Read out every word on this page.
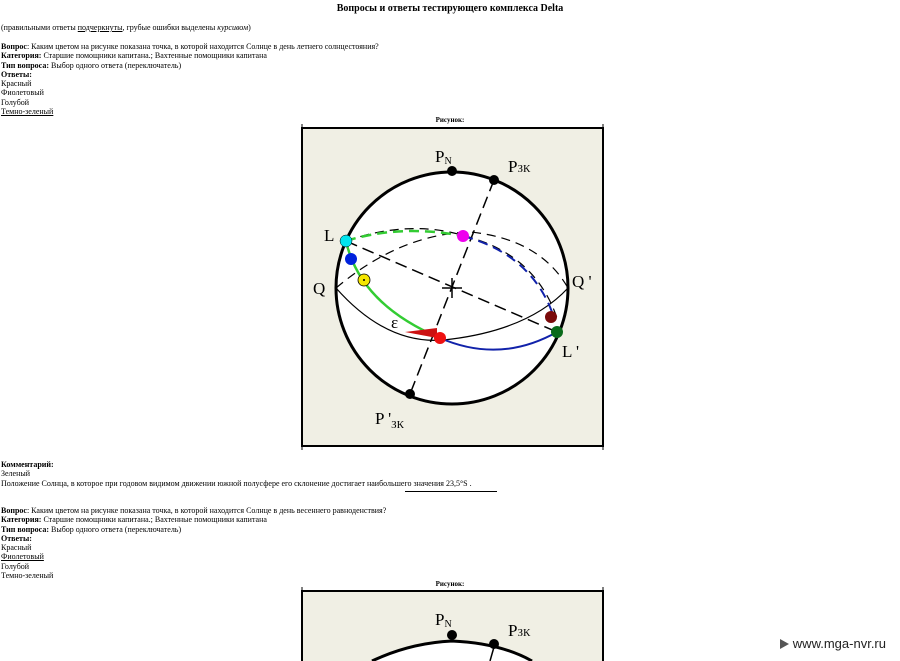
Вопросы и ответы тестирующего комплекса Delta
(правильными ответы подчеркнуты, грубые ошибки выделены курсивом)
Вопрос: Каким цветом на рисунке показана точка, в которой находится Солнце в день летнего солнцестояния?
Категория: Старшие помощники капитана.; Вахтенные помощники капитана
Тип вопроса: Выбор одного ответа (переключатель)
Ответы:
Красный
Фиолетовый
Голубой
Темно-зеленый
Рисунок:
PN	PЗК
P '$_{ЗК}$
L
L '
Q	Q '
ε
Комментарий:
Зеленый
Положение Солнца, в которое при годовом видимом движении южной полусфере его склонение достигает наибольшего значения 23,5°S .
Вопрос: Каким цветом на рисунке показана точка, в которой находится Солнце в день весеннего равноденствия?
Категория: Старшие помощники капитана.; Вахтенные помощники капитана
Тип вопроса: Выбор одного ответа (переключатель)
Ответы:
Красный
Фиолетовый
Голубой
Темно-зеленый
Рисунок:
PN	PЗК
www.mga-nvr.ru
